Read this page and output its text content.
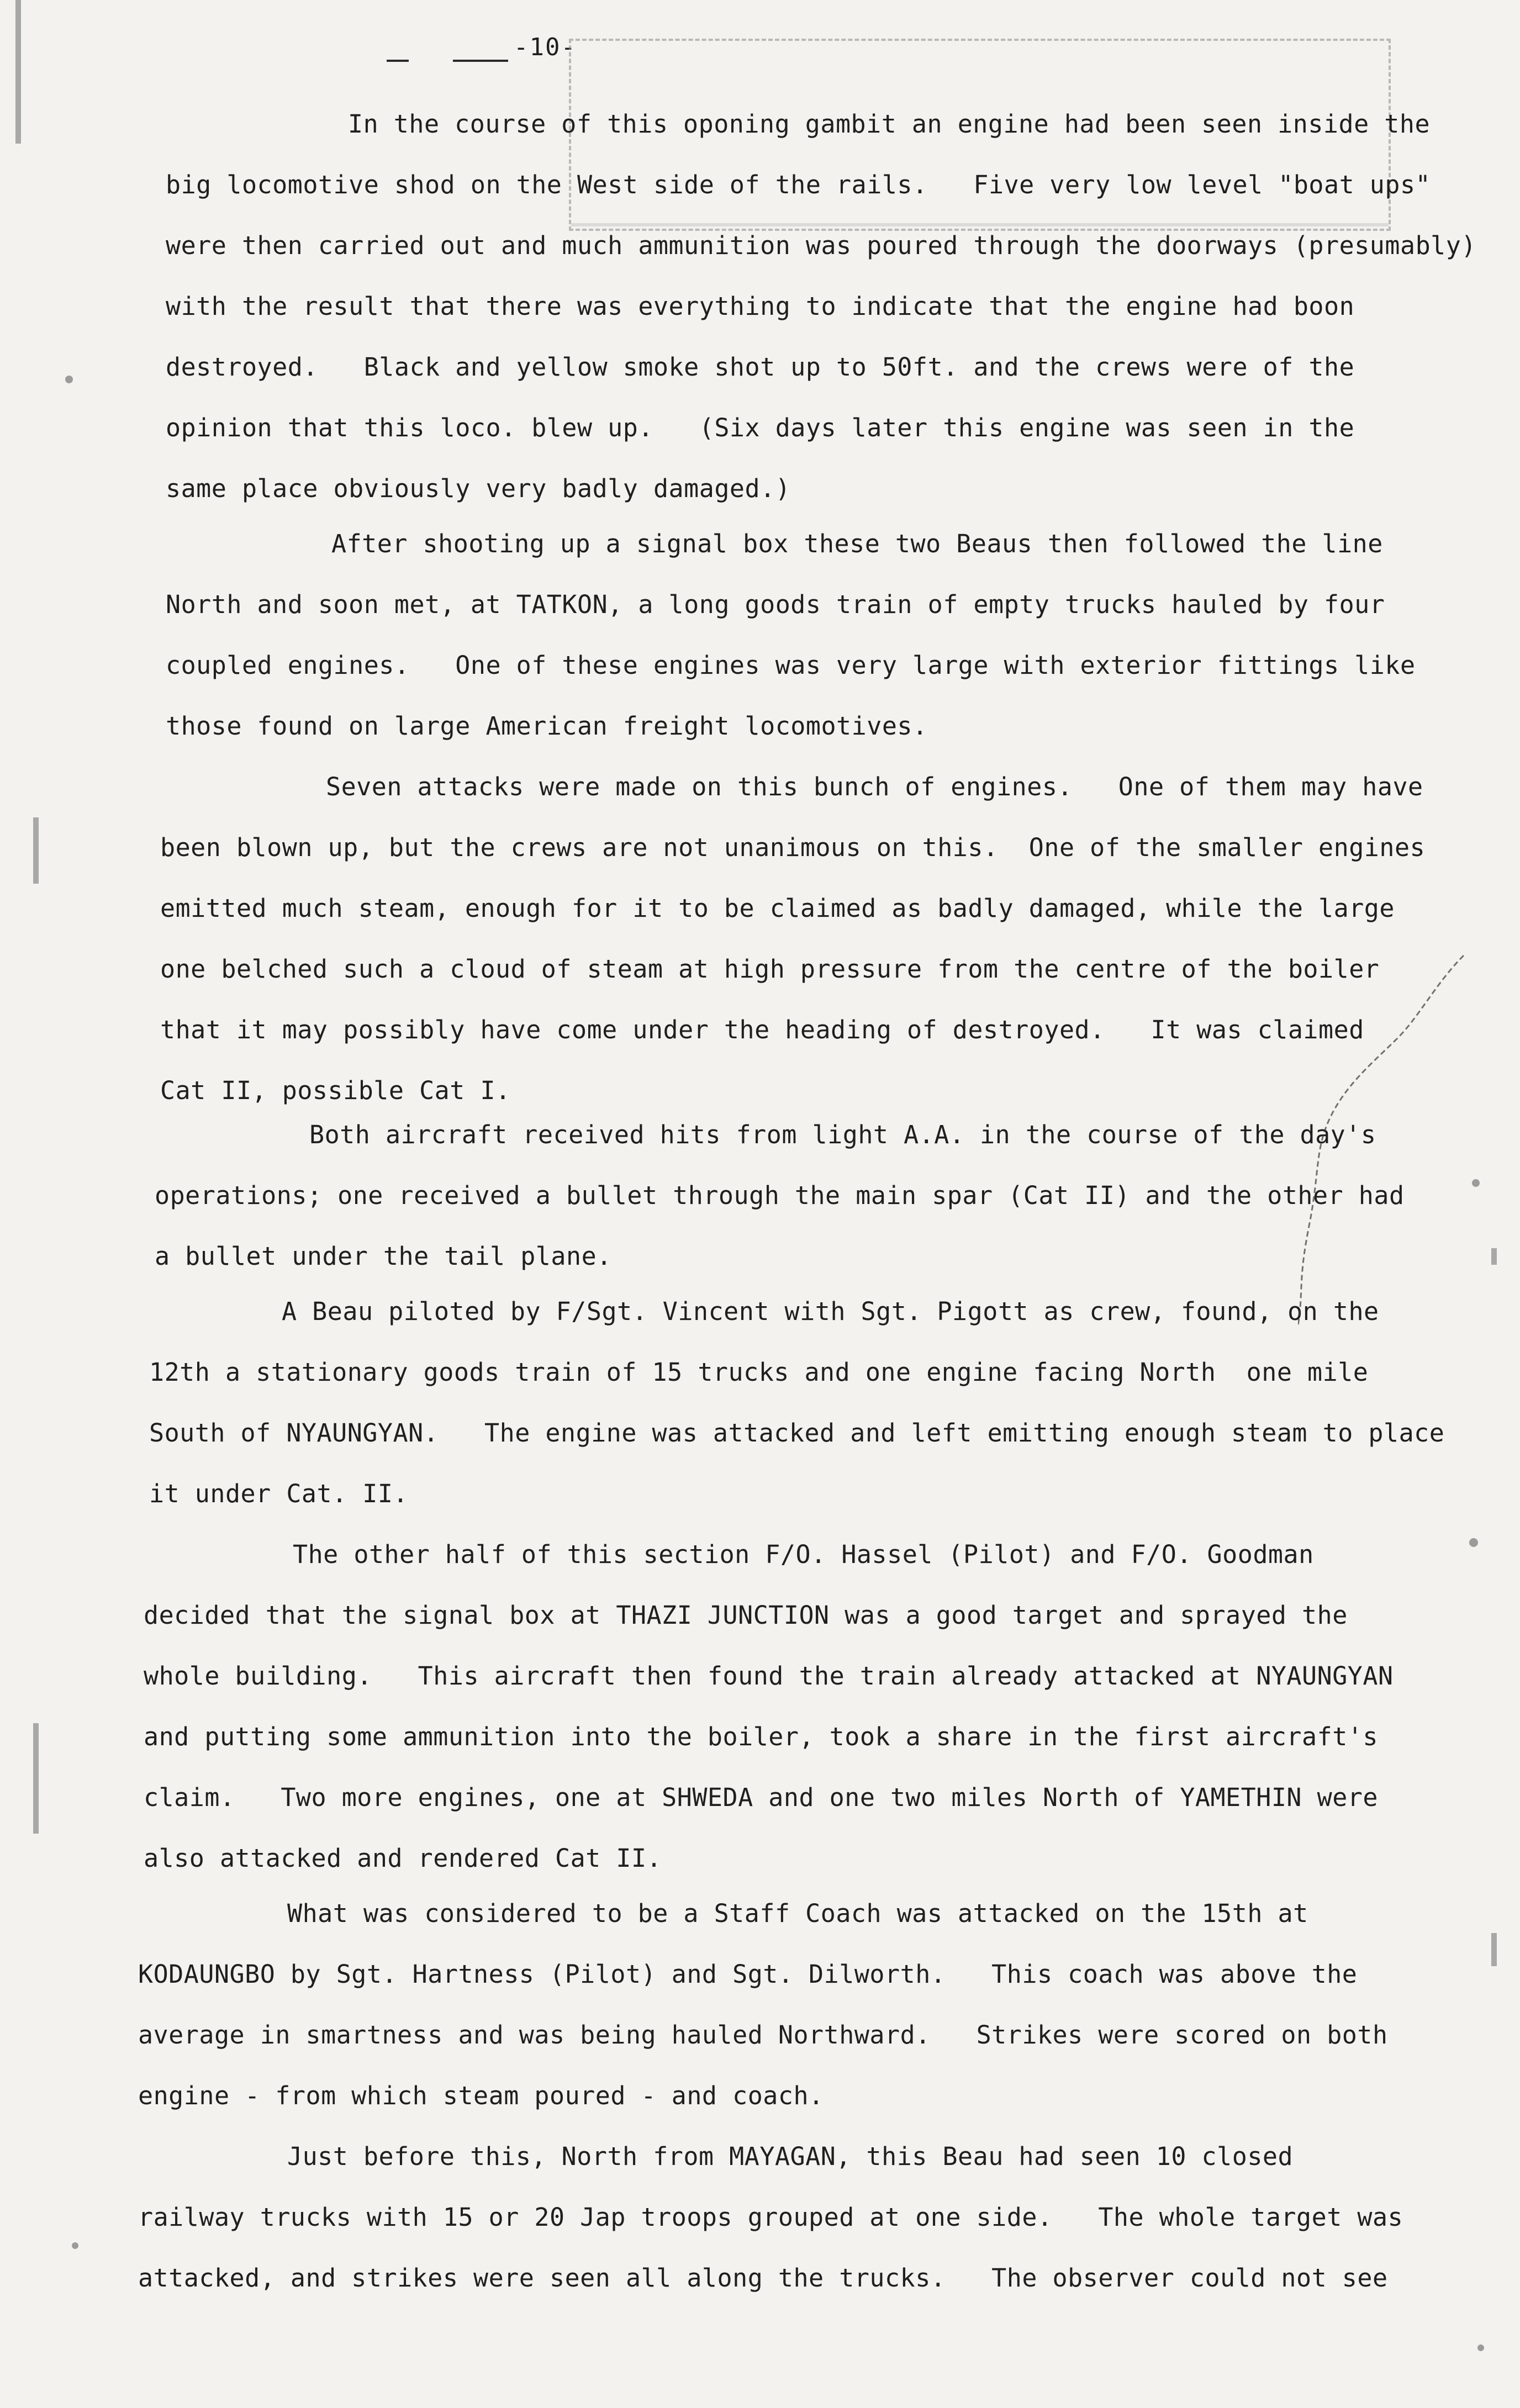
-10-
In the course of this oponing gambit an engine had been seen inside the
big locomotive shod on the West side of the rails.   Five very low level "boat ups"
were then carried out and much ammunition was poured through the doorways (presumably)
with the result that there was everything to indicate that the engine had boon
destroyed.   Black and yellow smoke shot up to 50ft. and the crews were of the
opinion that this loco. blew up.   (Six days later this engine was seen in the
same place obviously very badly damaged.)
After shooting up a signal box these two Beaus then followed the line
North and soon met, at TATKON, a long goods train of empty trucks hauled by four
coupled engines.   One of these engines was very large with exterior fittings like
those found on large American freight locomotives.
Seven attacks were made on this bunch of engines.   One of them may have
been blown up, but the crews are not unanimous on this.  One of the smaller engines
emitted much steam, enough for it to be claimed as badly damaged, while the large
one belched such a cloud of steam at high pressure from the centre of the boiler
that it may possibly have come under the heading of destroyed.   It was claimed
Cat II, possible Cat I.
Both aircraft received hits from light A.A. in the course of the day's
operations; one received a bullet through the main spar (Cat II) and the other had
a bullet under the tail plane.
A Beau piloted by F/Sgt. Vincent with Sgt. Pigott as crew, found, on the
12th a stationary goods train of 15 trucks and one engine facing North  one mile
South of NYAUNGYAN.   The engine was attacked and left emitting enough steam to place
it under Cat. II.
The other half of this section F/O. Hassel (Pilot) and F/O. Goodman
decided that the signal box at THAZI JUNCTION was a good target and sprayed the
whole building.   This aircraft then found the train already attacked at NYAUNGYAN
and putting some ammunition into the boiler, took a share in the first aircraft's
claim.   Two more engines, one at SHWEDA and one two miles North of YAMETHIN were
also attacked and rendered Cat II.
What was considered to be a Staff Coach was attacked on the 15th at
KODAUNGBO by Sgt. Hartness (Pilot) and Sgt. Dilworth.   This coach was above the
average in smartness and was being hauled Northward.   Strikes were scored on both
engine - from which steam poured - and coach.
Just before this, North from MAYAGAN, this Beau had seen 10 closed
railway trucks with 15 or 20 Jap troops grouped at one side.   The whole target was
attacked, and strikes were seen all along the trucks.   The observer could not see
